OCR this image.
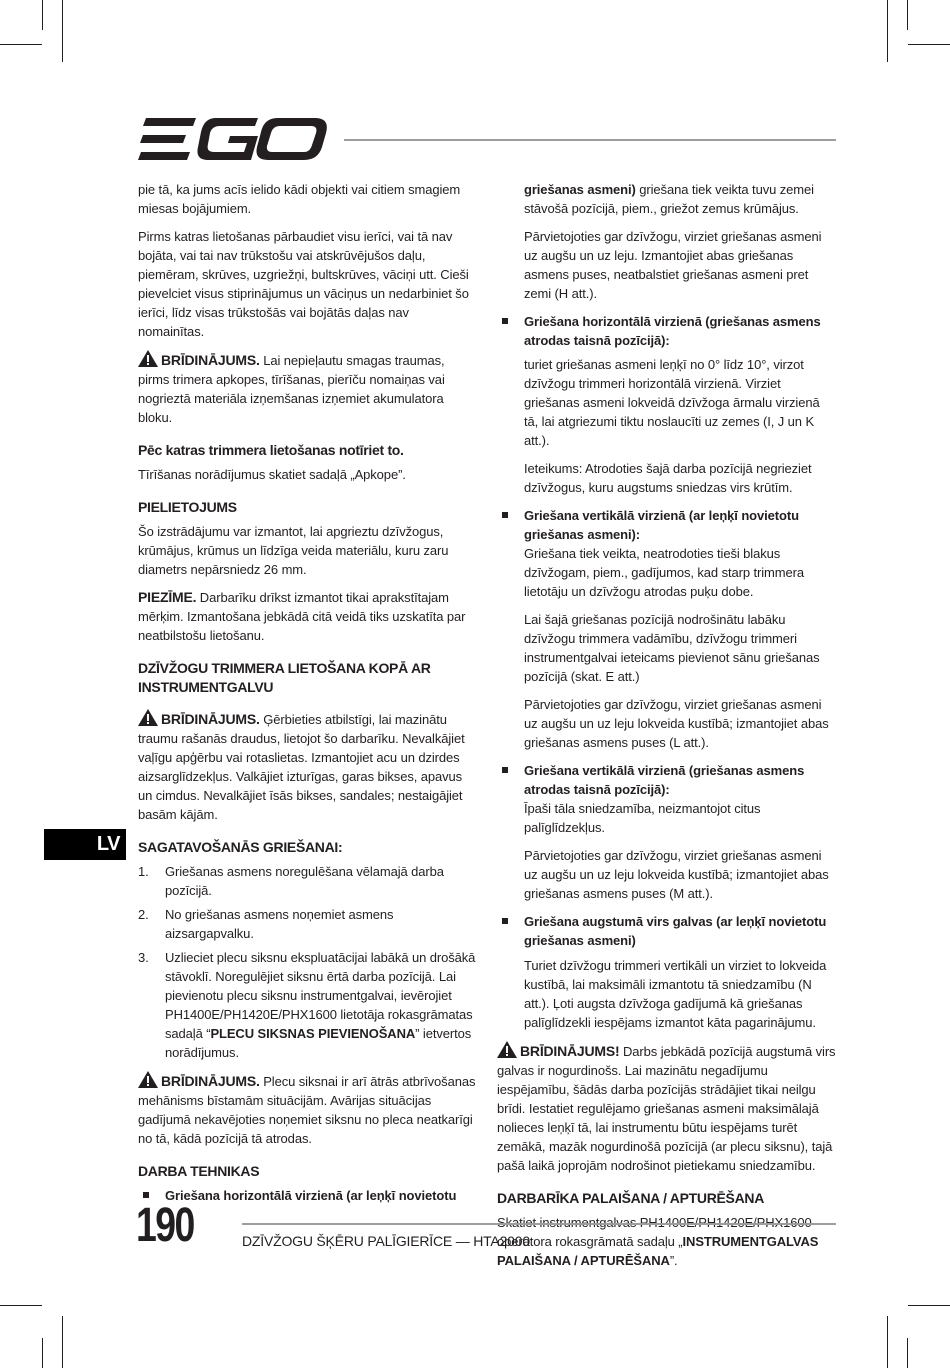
pie tā, ka jums acīs ielido kādi objekti vai citiem smagiem miesas bojājumiem.

Pirms katras lietošanas pārbaudiet visu ierīci, vai tā nav bojāta, vai tai nav trūkstošu vai atskrūvējušos daļu, piemēram, skrūves, uzgriežņi, bultskrūves, vāciņi utt. Cieši pievelciet visus stiprinājumus un vāciņus un nedarbiniet šo ierīci, līdz visas trūkstošās vai bojātās daļas nav nomainītas.

BRĪDINĀJUMS. Lai nepieļautu smagas traumas, pirms trimera apkopes, tīrīšanas, pierīču nomaiņas vai nogrieztā materiāla izņemšanas izņemiet akumulatora bloku.

Pēc katras trimmera lietošanas notīriet to.

Tīrīšanas norādījumus skatiet sadaļā „Apkope”.

PIELIETOJUMS

Šo izstrādājumu var izmantot, lai apgrieztu dzīvžogus, krūmājus, krūmus un līdzīga veida materiālu, kuru zaru diametrs nepārsniedz 26 mm.

PIEZĪME. Darbarīku drīkst izmantot tikai aprakstītajam mērķim. Izmantošana jebkādā citā veidā tiks uzskatīta par neatbilstošu lietošanu.

DZĪVŽOGU TRIMMERA LIETOŠANA KOPĀ AR INSTRUMENTGALVU

BRĪDINĀJUMS. Ģērbieties atbilstīgi, lai mazinātu traumu rašanās draudus, lietojot šo darbarīku. Nevalkājiet vaļīgu apģērbu vai rotaslietas. Izmantojiet acu un dzirdes aizsarglīdzekļus. Valkājiet izturīgas, garas bikses, apavus un cimdus. Nevalkājiet īsās bikses, sandales; nestaigājiet basām kājām.

SAGATAVOŠANĀS GRIEŠANAI:
1. Griešanas asmens noregulēšana vēlamajā darba pozīcijā.
2. No griešanas asmens noņemiet asmens aizsargapvalku.
3. Uzlieciet plecu siksnu ekspluatācijai labākā un drošākā stāvoklī. Noregulējiet siksnu ērtā darba pozīcijā. Lai pievienotu plecu siksnu instrumentgalvai, ievērojiet PH1400E/PH1420E/PHX1600 lietotāja rokasgrāmatas sadaļā “PLECU SIKSNAS PIEVIENOŠANA” ietvertos norādījumus.

BRĪDINĀJUMS. Plecu siksnai ir arī ātrās atbrīvošanas mehānisms bīstamām situācijām. Avārijas situācijas gadījumā nekavējoties noņemiet siksnu no pleca neatkarīgi no tā, kādā pozīcijā tā atrodas.

DARBA TEHNIKAS
Griešana horizontālā virzienā (ar leņķī novietotu

griešanas asmeni) griešana tiek veikta tuvu zemei stāvošā pozīcijā, piem., griežot zemus krūmājus.

Pārvietojoties gar dzīvžogu, virziet griešanas asmeni uz augšu un uz leju. Izmantojiet abas griešanas asmens puses, neatbalstiet griešanas asmeni pret zemi (H att.).

Griešana horizontālā virzienā (griešanas asmens atrodas taisnā pozīcijā):

turiet griešanas asmeni leņķī no 0° līdz 10°, virzot dzīvžogu trimmeri horizontālā virzienā. Virziet griešanas asmeni lokveidā dzīvžoga ārmalu virzienā tā, lai atgriezumi tiktu noslaucīti uz zemes (I, J un K att.).

Ieteikums: Atrodoties šajā darba pozīcijā negrieziet dzīvžogus, kuru augstums sniedzas virs krūtīm.

Griešana vertikālā virzienā (ar leņķī novietotu griešanas asmeni):

Griešana tiek veikta, neatrodoties tieši blakus dzīvžogam, piem., gadījumos, kad starp trimmera lietotāju un dzīvžogu atrodas puķu dobe.

Lai šajā griešanas pozīcijā nodrošinātu labāku dzīvžogu trimmera vadāmību, dzīvžogu trimmeri instrumentgalvai ieteicams pievienot sānu griešanas pozīcijā (skat. E att.)

Pārvietojoties gar dzīvžogu, virziet griešanas asmeni uz augšu un uz leju lokveida kustībā; izmantojiet abas griešanas asmens puses (L att.).

Griešana vertikālā virzienā (griešanas asmens atrodas taisnā pozīcijā):

Īpaši tāla sniedzamība, neizmantojot citus palīglīdzekļus.

Pārvietojoties gar dzīvžogu, virziet griešanas asmeni uz augšu un uz leju lokveida kustībā; izmantojiet abas griešanas asmens puses (M att.).

Griešana augstumā virs galvas (ar leņķī novietotu griešanas asmeni)

Turiet dzīvžogu trimmeri vertikāli un virziet to lokveida kustībā, lai maksimāli izmantotu tā sniedzamību (N att.). Ļoti augsta dzīvžoga gadījumā kā griešanas palīglīdzekli iespējams izmantot kāta pagarinājumu.

BRĪDINĀJUMS! Darbs jebkādā pozīcijā augstumā virs galvas ir nogurdinošs. Lai mazinātu negadījumu iespējamību, šādās darba pozīcijās strādājiet tikai neilgu brīdi. Iestatiet regulējamo griešanas asmeni maksimālajā nolieces leņķī tā, lai instrumentu būtu iespējams turēt zemākā, mazāk nogurdinošā pozīcijā (ar plecu siksnu), tajā pašā laikā joprojām nodrošinot pietiekamu sniedzamību.

DARBARĪKA PALAIŠANA / APTURĒŠANA

operatora rokasgrāmatā sadaļu „INSTRUMENTGALVAS PALAIŠANA / APTURĒŠANA”.

LV
190	DZĪVŽOGU ŠĶĒRU PALĪGIERĪCE — HTA2000
